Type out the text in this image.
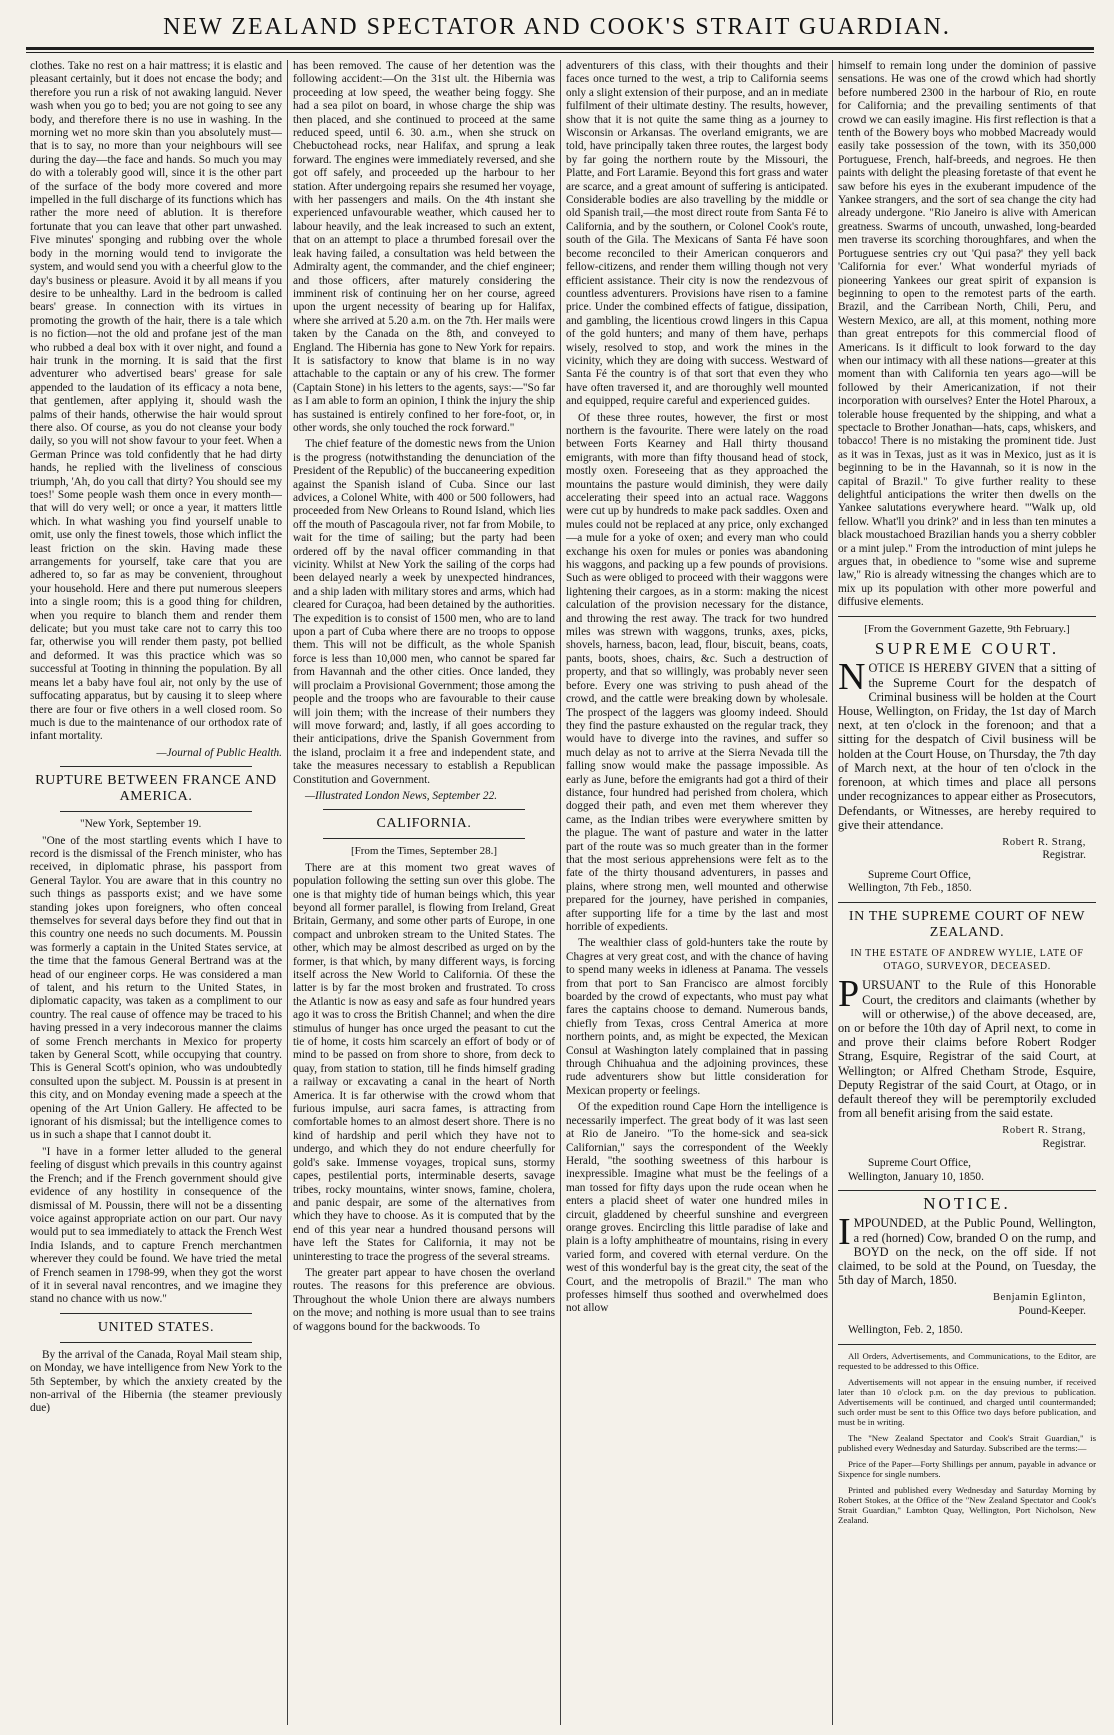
NEW ZEALAND SPECTATOR AND COOK'S STRAIT GUARDIAN.

clothes. Take no rest on a hair mattress; it is elastic and pleasant certainly, but it does not encase the body; and therefore you run a risk of not awaking languid. Never wash when you go to bed; you are not going to see any body, and therefore there is no use in washing. In the morning wet no more skin than you absolutely must—that is to say, no more than your neighbours will see during the day—the face and hands. So much you may do with a tolerably good will, since it is the other part of the surface of the body more covered and more impelled in the full discharge of its functions which has rather the more need of ablution. It is therefore fortunate that you can leave that other part unwashed. Five minutes' sponging and rubbing over the whole body in the morning would tend to invigorate the system, and would send you with a cheerful glow to the day's business or pleasure. Avoid it by all means if you desire to be unhealthy. Lard in the bedroom is called bears' grease. In connection with its virtues in promoting the growth of the hair, there is a tale which is no fiction—not the old and profane jest of the man who rubbed a deal box with it over night, and found a hair trunk in the morning. It is said that the first adventurer who advertised bears' grease for sale appended to the laudation of its efficacy a nota bene, that gentlemen, after applying it, should wash the palms of their hands, otherwise the hair would sprout there also. Of course, as you do not cleanse your body daily, so you will not show favour to your feet. When a German Prince was told confidently that he had dirty hands, he replied with the liveliness of conscious triumph, 'Ah, do you call that dirty? You should see my toes!' Some people wash them once in every month—that will do very well; or once a year, it matters little which. In what washing you find yourself unable to omit, use only the finest towels, those which inflict the least friction on the skin. Having made these arrangements for yourself, take care that you are adhered to, so far as may be convenient, throughout your household. Here and there put numerous sleepers into a single room; this is a good thing for children, when you require to blanch them and render them delicate; but you must take care not to carry this too far, otherwise you will render them pasty, pot bellied and deformed. It was this practice which was so successful at Tooting in thinning the population. By all means let a baby have foul air, not only by the use of suffocating apparatus, but by causing it to sleep where there are four or five others in a well closed room. So much is due to the maintenance of our orthodox rate of infant mortality.

—Journal of Public Health.

RUPTURE BETWEEN FRANCE AND AMERICA.

"New York, September 19.

"One of the most startling events which I have to record is the dismissal of the French minister, who has received, in diplomatic phrase, his passport from General Taylor. You are aware that in this country no such things as passports exist; and we have some standing jokes upon foreigners, who often conceal themselves for several days before they find out that in this country one needs no such documents. M. Poussin was formerly a captain in the United States service, at the time that the famous General Bertrand was at the head of our engineer corps. He was considered a man of talent, and his return to the United States, in diplomatic capacity, was taken as a compliment to our country. The real cause of offence may be traced to his having pressed in a very indecorous manner the claims of some French merchants in Mexico for property taken by General Scott, while occupying that country. This is General Scott's opinion, who was undoubtedly consulted upon the subject. M. Poussin is at present in this city, and on Monday evening made a speech at the opening of the Art Union Gallery. He affected to be ignorant of his dismissal; but the intelligence comes to us in such a shape that I cannot doubt it.

"I have in a former letter alluded to the general feeling of disgust which prevails in this country against the French; and if the French government should give evidence of any hostility in consequence of the dismissal of M. Poussin, there will not be a dissenting voice against appropriate action on our part. Our navy would put to sea immediately to attack the French West India Islands, and to capture French merchantmen wherever they could be found. We have tried the metal of French seamen in 1798-99, when they got the worst of it in several naval rencontres, and we imagine they stand no chance with us now."

UNITED STATES.

By the arrival of the Canada, Royal Mail steam ship, on Monday, we have intelligence from New York to the 5th September, by which the anxiety created by the non-arrival of the Hibernia (the steamer previously due)

has been removed. The cause of her detention was the following accident:—On the 31st ult. the Hibernia was proceeding at low speed, the weather being foggy. She had a sea pilot on board, in whose charge the ship was then placed, and she continued to proceed at the same reduced speed, until 6. 30. a.m., when she struck on Chebuctohead rocks, near Halifax, and sprung a leak forward. The engines were immediately reversed, and she got off safely, and proceeded up the harbour to her station. After undergoing repairs she resumed her voyage, with her passengers and mails. On the 4th instant she experienced unfavourable weather, which caused her to labour heavily, and the leak increased to such an extent, that on an attempt to place a thrumbed foresail over the leak having failed, a consultation was held between the Admiralty agent, the commander, and the chief engineer; and those officers, after maturely considering the imminent risk of continuing her on her course, agreed upon the urgent necessity of bearing up for Halifax, where she arrived at 5.20 a.m. on the 7th. Her mails were taken by the Canada on the 8th, and conveyed to England. The Hibernia has gone to New York for repairs. It is satisfactory to know that blame is in no way attachable to the captain or any of his crew. The former (Captain Stone) in his letters to the agents, says:—"So far as I am able to form an opinion, I think the injury the ship has sustained is entirely confined to her fore-foot, or, in other words, she only touched the rock forward."

The chief feature of the domestic news from the Union is the progress (notwithstanding the denunciation of the President of the Republic) of the buccaneering expedition against the Spanish island of Cuba. Since our last advices, a Colonel White, with 400 or 500 followers, had proceeded from New Orleans to Round Island, which lies off the mouth of Pascagoula river, not far from Mobile, to wait for the time of sailing; but the party had been ordered off by the naval officer commanding in that vicinity. Whilst at New York the sailing of the corps had been delayed nearly a week by unexpected hindrances, and a ship laden with military stores and arms, which had cleared for Curaçoa, had been detained by the authorities. The expedition is to consist of 1500 men, who are to land upon a part of Cuba where there are no troops to oppose them. This will not be difficult, as the whole Spanish force is less than 10,000 men, who cannot be spared far from Havannah and the other cities. Once landed, they will proclaim a Provisional Government; those among the people and the troops who are favourable to their cause will join them; with the increase of their numbers they will move forward; and, lastly, if all goes according to their anticipations, drive the Spanish Government from the island, proclaim it a free and independent state, and take the measures necessary to establish a Republican Constitution and Government.

—Illustrated London News, September 22.

CALIFORNIA.
[From the Times, September 28.]

There are at this moment two great waves of population following the setting sun over this globe. The one is that mighty tide of human beings which, this year beyond all former parallel, is flowing from Ireland, Great Britain, Germany, and some other parts of Europe, in one compact and unbroken stream to the United States. The other, which may be almost described as urged on by the former, is that which, by many different ways, is forcing itself across the New World to California. Of these the latter is by far the most broken and frustrated. To cross the Atlantic is now as easy and safe as four hundred years ago it was to cross the British Channel; and when the dire stimulus of hunger has once urged the peasant to cut the tie of home, it costs him scarcely an effort of body or of mind to be passed on from shore to shore, from deck to quay, from station to station, till he finds himself grading a railway or excavating a canal in the heart of North America. It is far otherwise with the crowd whom that furious impulse, auri sacra fames, is attracting from comfortable homes to an almost desert shore. There is no kind of hardship and peril which they have not to undergo, and which they do not endure cheerfully for gold's sake. Immense voyages, tropical suns, stormy capes, pestilential ports, interminable deserts, savage tribes, rocky mountains, winter snows, famine, cholera, and panic despair, are some of the alternatives from which they have to choose. As it is computed that by the end of this year near a hundred thousand persons will have left the States for California, it may not be uninteresting to trace the progress of the several streams.

The greater part appear to have chosen the overland routes. The reasons for this preference are obvious. Throughout the whole Union there are always numbers on the move; and nothing is more usual than to see trains of waggons bound for the backwoods. To

adventurers of this class, with their thoughts and their faces once turned to the west, a trip to California seems only a slight extension of their purpose, and an in mediate fulfilment of their ultimate destiny. The results, however, show that it is not quite the same thing as a journey to Wisconsin or Arkansas. The overland emigrants, we are told, have principally taken three routes, the largest body by far going the northern route by the Missouri, the Platte, and Fort Laramie. Beyond this fort grass and water are scarce, and a great amount of suffering is anticipated. Considerable bodies are also travelling by the middle or old Spanish trail,—the most direct route from Santa Fé to California, and by the southern, or Colonel Cook's route, south of the Gila. The Mexicans of Santa Fé have soon become reconciled to their American conquerors and fellow-citizens, and render them willing though not very efficient assistance. Their city is now the rendezvous of countless adventurers. Provisions have risen to a famine price. Under the combined effects of fatigue, dissipation, and gambling, the licentious crowd lingers in this Capua of the gold hunters; and many of them have, perhaps wisely, resolved to stop, and work the mines in the vicinity, which they are doing with success. Westward of Santa Fé the country is of that sort that even they who have often traversed it, and are thoroughly well mounted and equipped, require careful and experienced guides.

Of these three routes, however, the first or most northern is the favourite. There were lately on the road between Forts Kearney and Hall thirty thousand emigrants, with more than fifty thousand head of stock, mostly oxen. Foreseeing that as they approached the mountains the pasture would diminish, they were daily accelerating their speed into an actual race. Waggons were cut up by hundreds to make pack saddles. Oxen and mules could not be replaced at any price, only exchanged—a mule for a yoke of oxen; and every man who could exchange his oxen for mules or ponies was abandoning his waggons, and packing up a few pounds of provisions. Such as were obliged to proceed with their waggons were lightening their cargoes, as in a storm: making the nicest calculation of the provision necessary for the distance, and throwing the rest away. The track for two hundred miles was strewn with waggons, trunks, axes, picks, shovels, harness, bacon, lead, flour, biscuit, beans, coats, pants, boots, shoes, chairs, &c. Such a destruction of property, and that so willingly, was probably never seen before. Every one was striving to push ahead of the crowd, and the cattle were breaking down by wholesale. The prospect of the laggers was gloomy indeed. Should they find the pasture exhausted on the regular track, they would have to diverge into the ravines, and suffer so much delay as not to arrive at the Sierra Nevada till the falling snow would make the passage impossible. As early as June, before the emigrants had got a third of their distance, four hundred had perished from cholera, which dogged their path, and even met them wherever they came, as the Indian tribes were everywhere smitten by the plague. The want of pasture and water in the latter part of the route was so much greater than in the former that the most serious apprehensions were felt as to the fate of the thirty thousand adventurers, in passes and plains, where strong men, well mounted and otherwise prepared for the journey, have perished in companies, after supporting life for a time by the last and most horrible of expedients.

The wealthier class of gold-hunters take the route by Chagres at very great cost, and with the chance of having to spend many weeks in idleness at Panama. The vessels from that port to San Francisco are almost forcibly boarded by the crowd of expectants, who must pay what fares the captains choose to demand. Numerous bands, chiefly from Texas, cross Central America at more northern points, and, as might be expected, the Mexican Consul at Washington lately complained that in passing through Chihuahua and the adjoining provinces, these rude adventurers show but little consideration for Mexican property or feelings.

Of the expedition round Cape Horn the intelligence is necessarily imperfect. The great body of it was last seen at Rio de Janeiro. "To the home-sick and sea-sick Californian," says the correspondent of the Weekly Herald, "the soothing sweetness of this harbour is inexpressible. Imagine what must be the feelings of a man tossed for fifty days upon the rude ocean when he enters a placid sheet of water one hundred miles in circuit, gladdened by cheerful sunshine and evergreen orange groves. Encircling this little paradise of lake and plain is a lofty amphitheatre of mountains, rising in every varied form, and covered with eternal verdure. On the west of this wonderful bay is the great city, the seat of the Court, and the metropolis of Brazil." The man who professes himself thus soothed and overwhelmed does not allow

himself to remain long under the dominion of passive sensations. He was one of the crowd which had shortly before numbered 2300 in the harbour of Rio, en route for California; and the prevailing sentiments of that crowd we can easily imagine. His first reflection is that a tenth of the Bowery boys who mobbed Macready would easily take possession of the town, with its 350,000 Portuguese, French, half-breeds, and negroes. He then paints with delight the pleasing foretaste of that event he saw before his eyes in the exuberant impudence of the Yankee strangers, and the sort of sea change the city had already undergone. "Rio Janeiro is alive with American greatness. Swarms of uncouth, unwashed, long-bearded men traverse its scorching thoroughfares, and when the Portuguese sentries cry out 'Qui pasa?' they yell back 'California for ever.' What wonderful myriads of pioneering Yankees our great spirit of expansion is beginning to open to the remotest parts of the earth. Brazil, and the Carribean North, Chili, Peru, and Western Mexico, are all, at this moment, nothing more than great entrepots for this commercial flood of Americans. Is it difficult to look forward to the day when our intimacy with all these nations—greater at this moment than with California ten years ago—will be followed by their Americanization, if not their incorporation with ourselves? Enter the Hotel Pharoux, a tolerable house frequented by the shipping, and what a spectacle to Brother Jonathan—hats, caps, whiskers, and tobacco! There is no mistaking the prominent tide. Just as it was in Texas, just as it was in Mexico, just as it is beginning to be in the Havannah, so it is now in the capital of Brazil." To give further reality to these delightful anticipations the writer then dwells on the Yankee salutations everywhere heard. "'Walk up, old fellow. What'll you drink?' and in less than ten minutes a black moustachoed Brazilian hands you a sherry cobbler or a mint julep." From the introduction of mint juleps he argues that, in obedience to "some wise and supreme law," Rio is already witnessing the changes which are to mix up its population with other more powerful and diffusive elements.

[From the Government Gazette, 9th February.]
SUPREME COURT.

NOTICE IS HEREBY GIVEN that a sitting of the Supreme Court for the despatch of Criminal business will be holden at the Court House, Wellington, on Friday, the 1st day of March next, at ten o'clock in the forenoon; and that a sitting for the despatch of Civil business will be holden at the Court House, on Thursday, the 7th day of March next, at the hour of ten o'clock in the forenoon, at which times and place all persons under recognizances to appear either as Prosecutors, Defendants, or Witnesses, are hereby required to give their attendance.

Robert R. Strang,
Registrar.
Supreme Court Office,
Wellington, 7th Feb., 1850.
IN THE SUPREME COURT OF NEW ZEALAND.
IN THE ESTATE OF ANDREW WYLIE, LATE OF OTAGO, SURVEYOR, DECEASED.

PURSUANT to the Rule of this Honorable Court, the creditors and claimants (whether by will or otherwise,) of the above deceased, are, on or before the 10th day of April next, to come in and prove their claims before Robert Rodger Strang, Esquire, Registrar of the said Court, at Wellington; or Alfred Chetham Strode, Esquire, Deputy Registrar of the said Court, at Otago, or in default thereof they will be peremptorily excluded from all benefit arising from the said estate.

Robert R. Strang,
Registrar.
Supreme Court Office,
Wellington, January 10, 1850.
NOTICE.

IMPOUNDED, at the Public Pound, Wellington, a red (horned) Cow, branded O on the rump, and BOYD on the neck, on the off side. If not claimed, to be sold at the Pound, on Tuesday, the 5th day of March, 1850.

Benjamin Eglinton,
Pound-Keeper.
Wellington, Feb. 2, 1850.

All Orders, Advertisements, and Communications, to the Editor, are requested to be addressed to this Office.

Advertisements will not appear in the ensuing number, if received later than 10 o'clock p.m. on the day previous to publication. Advertisements will be continued, and charged until countermanded; such order must be sent to this Office two days before publication, and must be in writing.

The "New Zealand Spectator and Cook's Strait Guardian," is published every Wednesday and Saturday. Subscribed are the terms:—

Price of the Paper—Forty Shillings per annum, payable in advance or Sixpence for single numbers.

Printed and published every Wednesday and Saturday Morning by Robert Stokes, at the Office of the "New Zealand Spectator and Cook's Strait Guardian," Lambton Quay, Wellington, Port Nicholson, New Zealand.
